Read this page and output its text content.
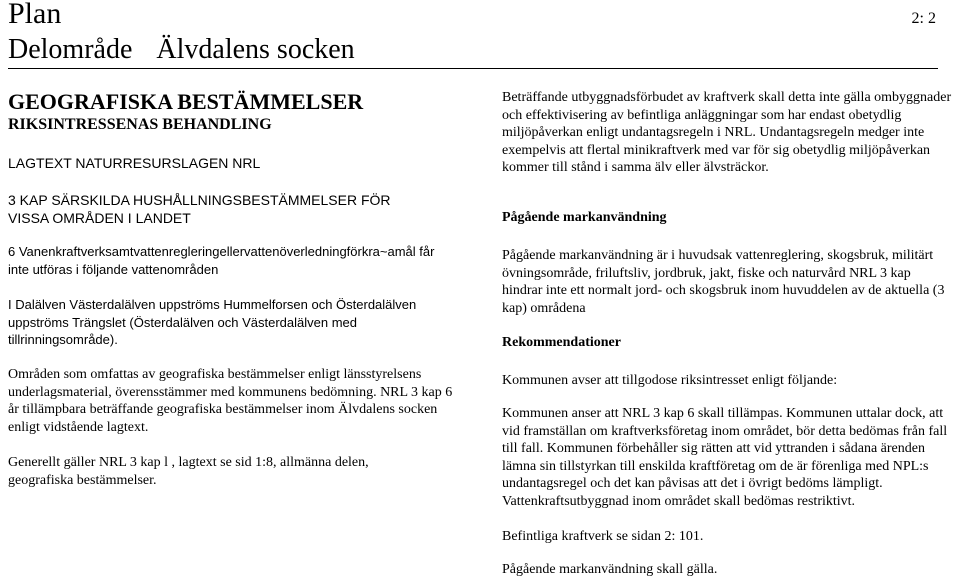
Plan
Delområde Älvdalens socken
2: 2
GEOGRAFISKA BESTÄMMELSER
RIKSINTRESSENAS BEHANDLING
LAGTEXT NATURRESURSLAGEN NRL
3 KAP SÄRSKILDA HUSHÅLLNINGSBESTÄMMELSER FÖR VISSA OMRÅDEN I LANDET
6 Vanenkraftverksamtvattenregleringellervattenöverledningförkra~amål får inte utföras i följande vattenområden
I Dalälven Västerdalälven uppströms Hummelforsen och Österdalälven uppströms Trängslet (Österdalälven och Västerdalälven med tillrinningsområde).
Områden som omfattas av geografiska bestämmelser enligt länsstyrelsens underlagsmaterial, överensstämmer med kommunens bedömning. NRL 3 kap 6 år tillämpbara beträffande geografiska bestämmelser inom Älvdalens socken enligt vidstående lagtext.
Generellt gäller NRL 3 kap l , lagtext se sid 1:8, allmänna delen, geografiska bestämmelser.
Beträffande utbyggnadsförbudet av kraftverk skall detta inte gälla ombyggnader och effektivisering av befintliga anläggningar som har endast obetydlig miljöpåverkan enligt undantagsregeln i NRL. Undantagsregeln medger inte exempelvis att flertal minikraftverk med var för sig obetydlig miljöpåverkan kommer till stånd i samma älv eller älvsträckor.
Pågående markanvändning
Pågående markanvändning är i huvudsak vattenreglering, skogsbruk, militärt övningsområde, friluftsliv, jordbruk, jakt, fiske och naturvård NRL 3 kap hindrar inte ett normalt jord- och skogsbruk inom huvuddelen av de aktuella (3 kap) områdena
Rekommendationer
Kommunen avser att tillgodose riksintresset enligt följande:
Kommunen anser att NRL 3 kap 6 skall tillämpas. Kommunen uttalar dock, att vid framställan om kraftverksföretag inom området, bör detta bedömas från fall till fall. Kommunen förbehåller sig rätten att vid yttranden i sådana ärenden lämna sin tillstyrkan till enskilda kraftföretag om de är förenliga med NPL:s undantagsregel och det kan påvisas att det i övrigt bedöms lämpligt. Vattenkraftsutbyggnad inom området skall bedömas restriktivt.
Befintliga kraftverk se sidan 2: 101.
Pågående markanvändning skall gälla.
